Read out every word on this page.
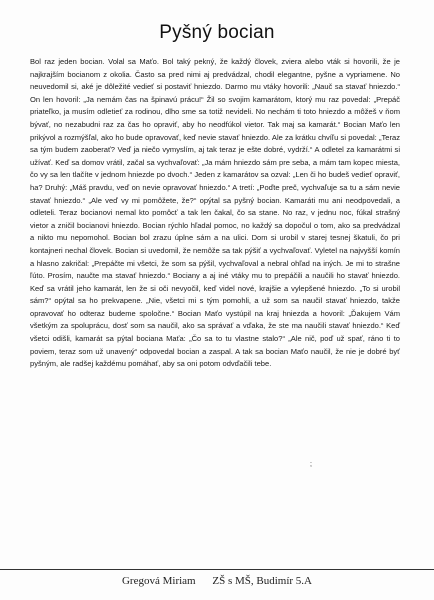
Pyšný bocian

Bol raz jeden bocian. Volal sa Maťo. Bol taký pekný, že každý človek, zviera alebo vták si hovorili, že je najkrajším bocianom z okolia. Často sa pred nimi aj predvádzal, chodil elegantne, pyšne a vypriamene. No neuvedomil si, aké je dôležité vedieť si postaviť hniezdo. Darmo mu vtáky hovorili: „Nauč sa stavať hniezdo.“ On len hovoril: „Ja nemám čas na špinavú prácu!“ Žil so svojim kamarátom, ktorý mu raz povedal: „Prepáč priateľko, ja musím odletieť za rodinou, dlho sme sa totiž nevideli. No nechám ti toto hniezdo a môžeš v ňom bývať, no nezabudni raz za čas ho opraviť, aby ho neodfúkol vietor. Tak maj sa kamarát.“ Bocian Maťo len prikývol a rozmýšľal, ako ho bude opravovať, keď nevie stavať hniezdo. Ale za krátku chvíľu si povedal: „Teraz sa tým budem zaoberať? Veď ja niečo vymyslím, aj tak teraz je ešte dobré, vydrží.“ A odletel za kamarátmi si užívať. Keď sa domov vrátil, začal sa vychvaľovať: „Ja mám hniezdo sám pre seba, a mám tam kopec miesta, čo vy sa len tlačíte v jednom hniezde po dvoch.“ Jeden z kamarátov sa ozval: „Len či ho budeš vedieť opraviť, ha? Druhý: „Máš pravdu, veď on nevie opravovať hniezdo.“ A tretí: „Poďte preč, vychvaľuje sa tu a sám nevie stavať hniezdo.“ „Ale veď vy mi pomôžete, že?“ opýtal sa pyšný bocian. Kamaráti mu ani neodpovedali, a odleteli. Teraz bocianovi nemal kto pomôcť a tak len čakal, čo sa stane. No raz, v jednu noc, fúkal strašný vietor a zničil bocianovi hniezdo. Bocian rýchlo hľadal pomoc, no každý sa dopočul o tom, ako sa predvádzal a nikto mu nepomohol. Bocian bol zrazu úplne sám a na ulici. Dom si urobil v starej tesnej škatuli, čo pri kontajneri nechal človek. Bocian si uvedomil, že nemôže sa tak pýšiť a vychvaľovať. Vyletel na najvyšší komín a hlasno zakričal: „Prepáčte mi všetci, že som sa pýšil, vychvaľoval a nebral ohľad na iných. Je mi to strašne ľúto. Prosím, naučte ma stavať hniezdo.“ Bociany a aj iné vtáky mu to prepáčili a naučili ho stavať hniezdo. Keď sa vrátil jeho kamarát, len že si oči nevyočil, keď videl nové, krajšie a vylepšené hniezdo. „To si urobil sám?“ opýtal sa ho prekvapene. „Nie, všetci mi s tým pomohli, a už som sa naučil stavať hniezdo, takže opravovať ho odteraz budeme spoločne.“ Bocian Maťo vystúpil na kraj hniezda a hovoril: „Ďakujem Vám všetkým za spoluprácu, dosť som sa naučil, ako sa správať a vďaka, že ste ma naučili stavať hniezdo.“ Keď všetci odišli, kamarát sa pýtal bociana Maťa: „Čo sa to tu vlastne stalo?“ „Ale nič, poď už spať, ráno ti to poviem, teraz som už unavený“ odpovedal bocian a zaspal. A tak sa bocian Maťo naučil, že nie je dobré byť pyšným, ale radšej každému pomáhať, aby sa oni potom odvďačili tebe.

;
Gregová Miriam ZŠ s MŠ, Budimír 5.A
